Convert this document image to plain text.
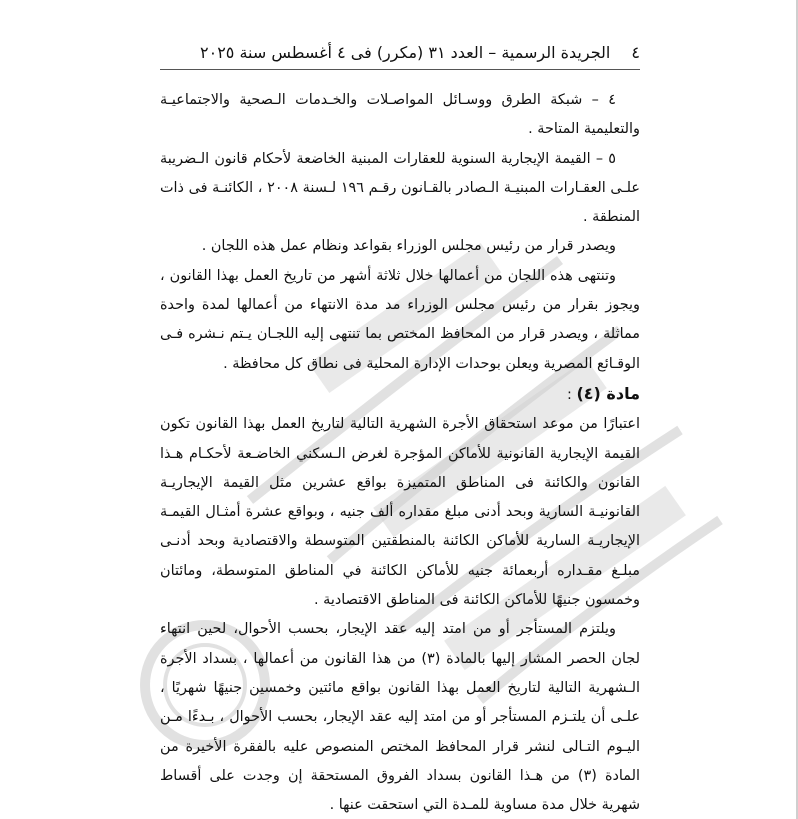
الجريدة الرسمية – العدد ٣١ (مكرر) فى ٤ أغسطس سنة ٢٠٢٥ ٤

٤ – شبكة الطرق ووسـائل المواصـلات والخـدمات الـصحية والاجتماعيـة والتعليمية المتاحة .

٥ – القيمة الإيجارية السنوية للعقارات المبنية الخاضعة لأحكام قانون الـضريبة علـى العقـارات المبنيـة الـصادر بالقـانون رقـم ١٩٦ لـسنة ٢٠٠٨ ، الكائنـة فى ذات المنطقة .

ويصدر قرار من رئيس مجلس الوزراء بقواعد ونظام عمل هذه اللجان .

وتنتهى هذه اللجان من أعمالها خلال ثلاثة أشهر من تاريخ العمل بهذا القانون ، ويجوز بقرار من رئيس مجلس الوزراء مد مدة الانتهاء من أعمالها لمدة واحدة مماثلة ، ويصدر قرار من المحافظ المختص بما تنتهى إليه اللجـان يـتم نـشره فـى الوقـائع المصرية ويعلن بوحدات الإدارة المحلية فى نطاق كل محافظة .

مادة (٤) :

اعتبارًا من موعد استحقاق الأجرة الشهرية التالية لتاريخ العمل بهذا القانون تكون القيمة الإيجارية القانونية للأماكن المؤجرة لغرض الـسكني الخاضـعة لأحكـام هـذا القانون والكائنة فى المناطق المتميزة بواقع عشرين مثل القيمة الإيجاريـة القانونيـة السارية وبحد أدنى مبلغ مقداره ألف جنيه ، وبواقع عشرة أمثـال القيمـة الإيجاريـة السارية للأماكن الكائنة بالمنطقتين المتوسطة والاقتصادية وبحد أدنـى مبلـغ مقـداره أربعمائة جنيه للأماكن الكائنة في المناطق المتوسطة، ومائتان وخمسون جنيهًا للأماكن الكائنة فى المناطق الاقتصادية .

ويلتزم المستأجر أو من امتد إليه عقد الإيجار، بحسب الأحوال، لحين انتهاء لجان الحصر المشار إليها بالمادة (٣) من هذا القانون من أعمالها ، بسداد الأجرة الـشهرية التالية لتاريخ العمل بهذا القانون بواقع مائتين وخمسين جنيهًا شهريًا ، علـى أن يلتـزم المستأجر أو من امتد إليه عقد الإيجار، بحسب الأحوال ، بـدءًا مـن اليـوم التـالى لنشر قرار المحافظ المختص المنصوص عليه بالفقرة الأخيرة من المادة (٣) من هـذا القانون بسداد الفروق المستحقة إن وجدت على أقساط شهرية خلال مدة مساوية للمـدة التي استحقت عنها .
